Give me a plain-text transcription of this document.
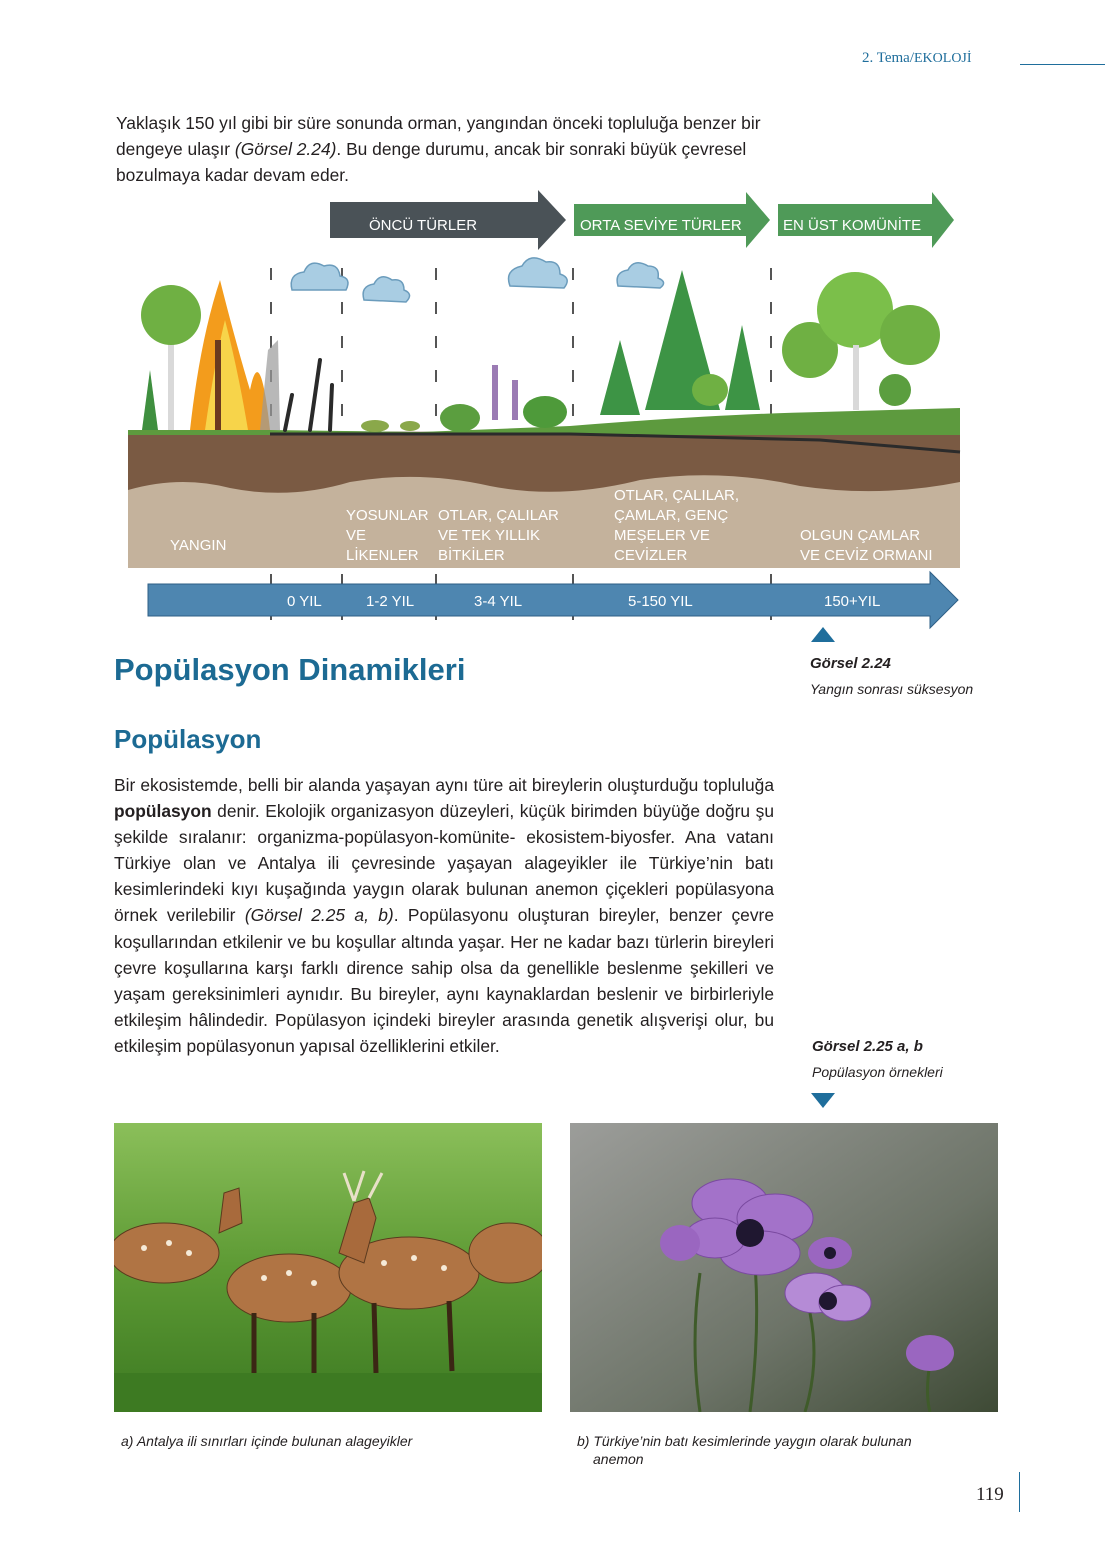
2. Tema/EKOLOJİ

Yaklaşık 150 yıl gibi bir süre sonunda orman, yangından önceki topluluğa benzer bir dengeye ulaşır (Görsel 2.24). Bu denge durumu, ancak bir sonraki büyük çevresel bozulmaya kadar devam eder.

ÖNCÜ TÜRLER	ORTA SEVİYE TÜRLER	EN ÜST KOMÜNİTE
YANGIN
YOSUNLAR
VE
LİKENLER
OTLAR, ÇALILAR
VE TEK YILLIK
BİTKİLER
OTLAR, ÇALILAR,
ÇAMLAR, GENÇ
MEŞELER VE
CEVİZLER
OLGUN ÇAMLAR
VE CEVİZ ORMANI
0 YIL	1-2 YIL	3-4 YIL	5-150 YIL	150+YIL
Görsel 2.24
Yangın sonrası süksesyon
Popülasyon Dinamikleri
Popülasyon

Bir ekosistemde, belli bir alanda yaşayan aynı türe ait bireylerin oluşturduğu topluluğa popülasyon denir. Ekolojik organizasyon düzeyleri, küçük birimden büyüğe doğru şu şekilde sıralanır: organizma-popülasyon-komünite- ekosistem-biyosfer. Ana vatanı Türkiye olan ve Antalya ili çevresinde yaşayan alageyikler ile Türkiye’nin batı kesimlerindeki kıyı kuşağında yaygın olarak bulunan anemon çiçekleri popülasyona örnek verilebilir (Görsel 2.25 a, b). Popülasyonu oluşturan bireyler, benzer çevre koşullarından etkilenir ve bu koşullar altında yaşar. Her ne kadar bazı türlerin bireyleri çevre koşullarına karşı farklı dirence sahip olsa da genellikle beslenme şekilleri ve yaşam gereksinimleri aynıdır. Bu bireyler, aynı kaynaklardan beslenir ve birbirleriyle etkileşim hâlindedir. Popülasyon içindeki bireyler arasında genetik alışverişi olur, bu etkileşim popülasyonun yapısal özelliklerini etkiler.	Görsel 2.25 a, b
Popülasyon örnekleri
a) Antalya ili sınırları içinde bulunan alageyikler	b) Türkiye’nin batı kesimlerinde yaygın olarak bulunan
anemon
119
